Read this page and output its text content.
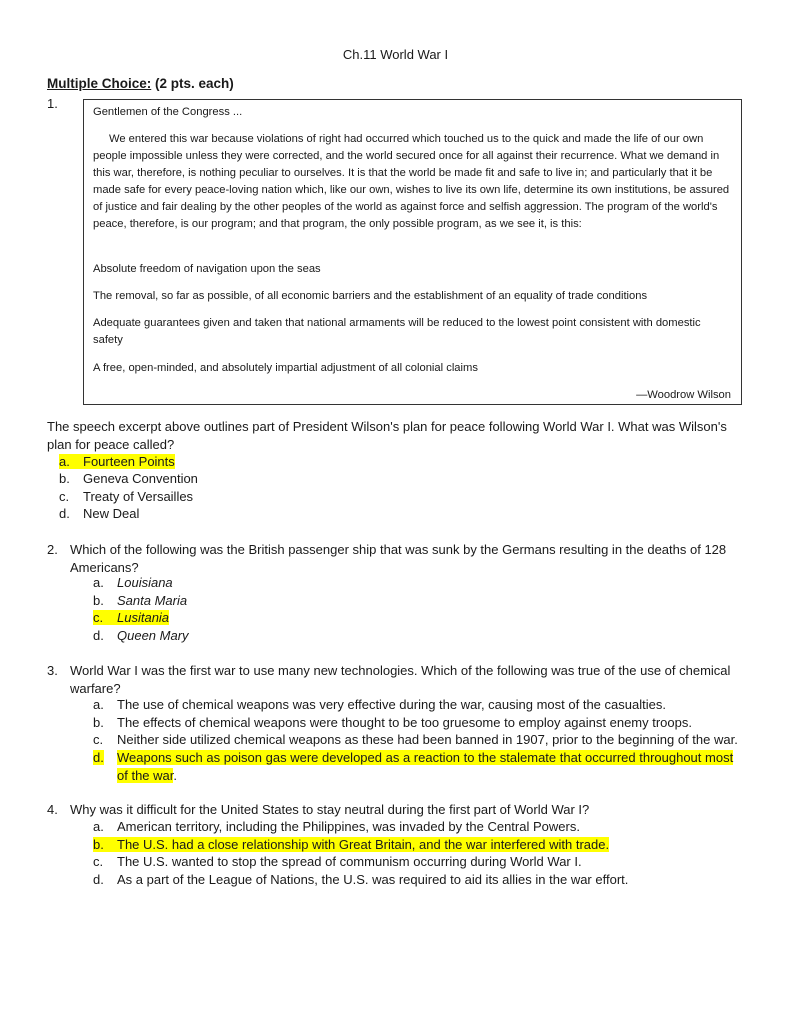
Ch.11 World War I
Multiple Choice: (2 pts. each)
1.

Gentlemen of the Congress ...

We entered this war because violations of right had occurred which touched us to the quick and made the life of our own people impossible unless they were corrected, and the world secured once for all against their recurrence. What we demand in this war, therefore, is nothing peculiar to ourselves. It is that the world be made fit and safe to live in; and particularly that it be made safe for every peace-loving nation which, like our own, wishes to live its own life, determine its own institutions, be assured of justice and fair dealing by the other peoples of the world as against force and selfish aggression. The program of the world's peace, therefore, is our program; and that program, the only possible program, as we see it, is this:

Absolute freedom of navigation upon the seas

The removal, so far as possible, of all economic barriers and the establishment of an equality of trade conditions

Adequate guarantees given and taken that national armaments will be reduced to the lowest point consistent with domestic safety

A free, open-minded, and absolutely impartial adjustment of all colonial claims

—Woodrow Wilson

The speech excerpt above outlines part of President Wilson's plan for peace following World War I. What was Wilson's plan for peace called?

a. Fourteen Points
b. Geneva Convention
c. Treaty of Versailles
d. New Deal
2. Which of the following was the British passenger ship that was sunk by the Germans resulting in the deaths of 128 Americans?

a. Louisiana
b. Santa Maria
c. Lusitania
d. Queen Mary
3. World War I was the first war to use many new technologies. Which of the following was true of the use of chemical warfare?

a. The use of chemical weapons was very effective during the war, causing most of the casualties.
b. The effects of chemical weapons were thought to be too gruesome to employ against enemy troops.
c. Neither side utilized chemical weapons as these had been banned in 1907, prior to the beginning of the war.
d.	Weapons such as poison gas were developed as a reaction to the stalemate that occurred throughout most of the war.
4. Why was it difficult for the United States to stay neutral during the first part of World War I?

a. American territory, including the Philippines, was invaded by the Central Powers.
b. The U.S. had a close relationship with Great Britain, and the war interfered with trade.
c. The U.S. wanted to stop the spread of communism occurring during World War I.
d. As a part of the League of Nations, the U.S. was required to aid its allies in the war effort.
